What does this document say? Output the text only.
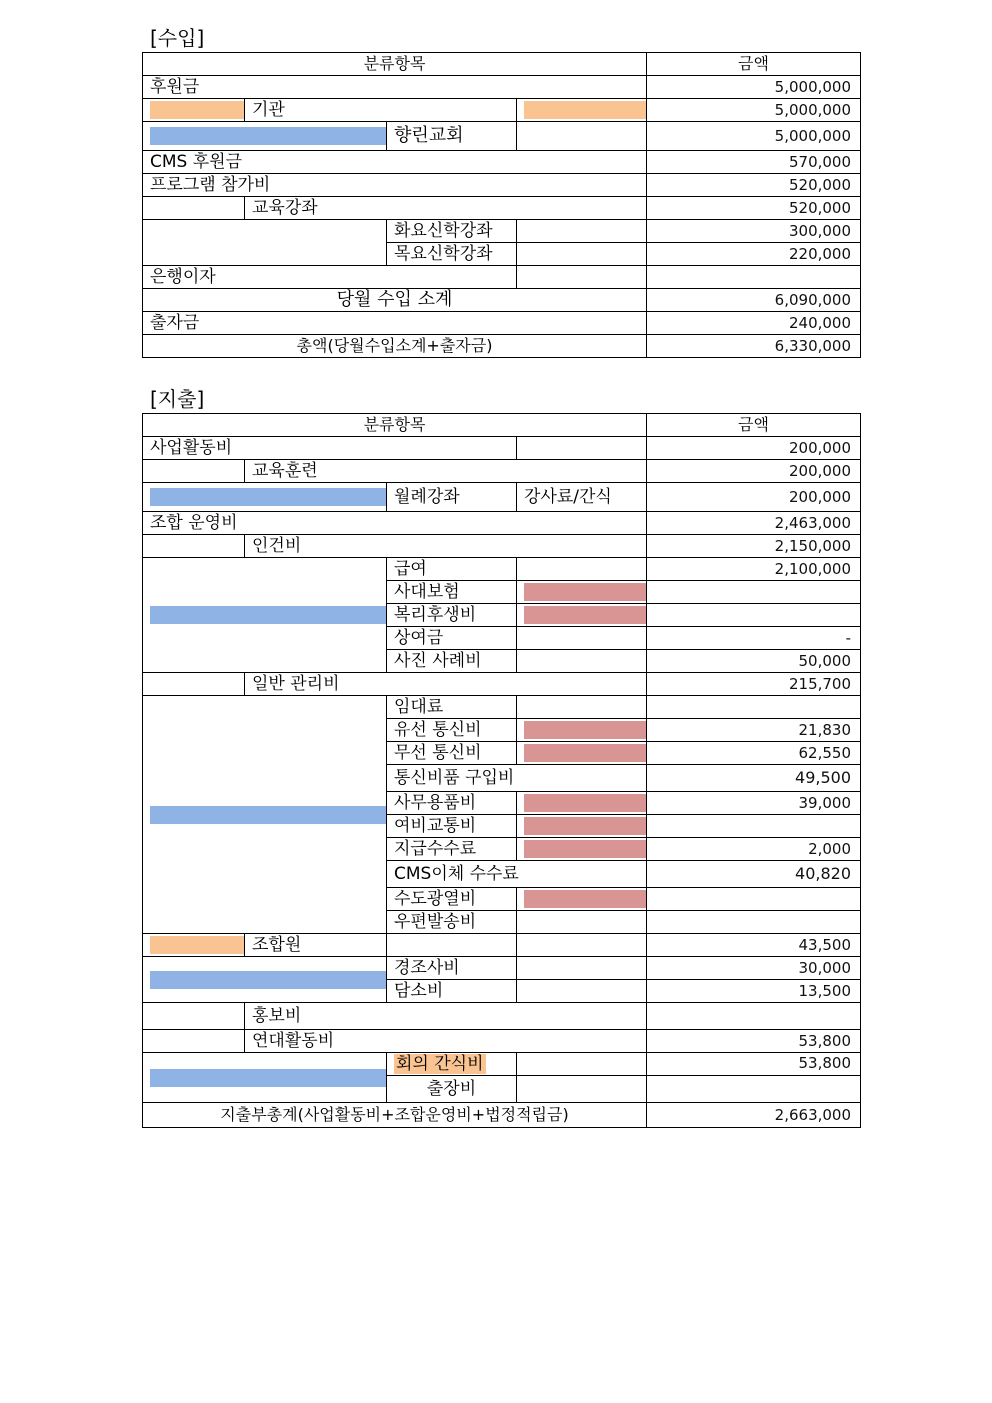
[수입]
분류항목				금액
후원금				5,000,000

	기관			5,000,000

		향린교회		5,000,000
CMS 후원금				570,000
프로그램 참가비				520,000
	교육강좌			520,000
		화요신학강좌		300,000
		목요신학강좌		220,000
은행이자				
당월 수입 소계				6,090,000
출자금				240,000
총액(당월수입소계+출자금)				6,330,000
[지출]
분류항목				금액
사업활동비				200,000
	교육훈련			200,000

		월례강좌	강사료/간식	200,000
조합 운영비				2,463,000
	인건비			2,150,000

		급여		2,100,000
		사대보험	

		복리후생비	

		상여금		-
		사진 사례비		50,000
	일반 관리비			215,700

		임대료		
		유선 통신비		21,830
		무선 통신비		62,550
		통신비품 구입비		49,500
		사무용품비		39,000
		여비교통비	

		지급수수료		2,000
		CMS이체 수수료		40,820
		수도광열비	

		우편발송비		

	조합원			43,500

		경조사비		30,000
		담소비		13,500
	홍보비			
	연대활동비			53,800

		회의 간식비		53,800
		출장비		
지출부총계(사업활동비+조합운영비+법정적립금)				2,663,000
